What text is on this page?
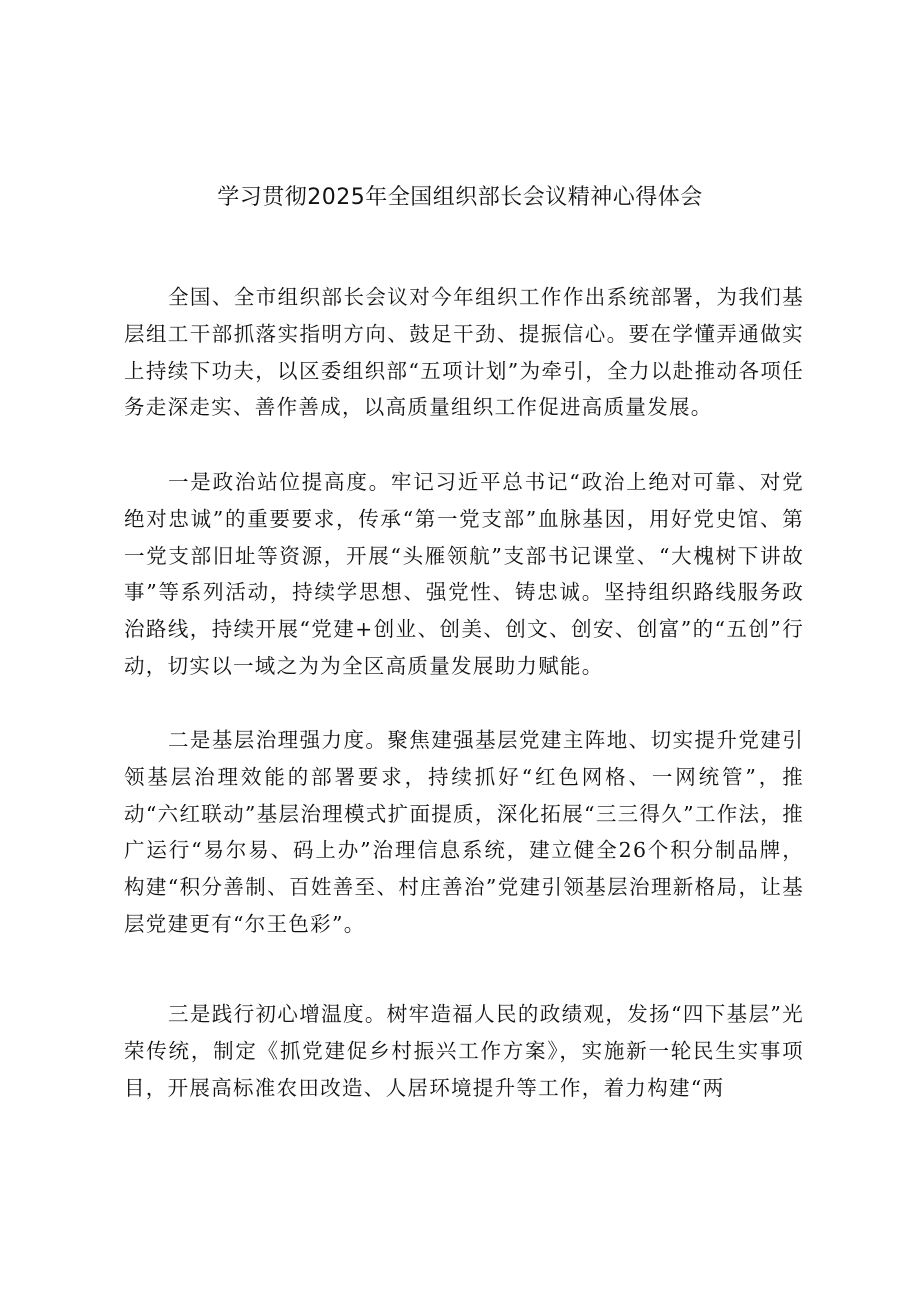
学习贯彻2025年全国组织部长会议精神心得体会

全国、全市组织部长会议对今年组织工作作出系统部署，为我们基层组工干部抓落实指明方向、鼓足干劲、提振信心。要在学懂弄通做实上持续下功夫，以区委组织部“五项计划”为牵引，全力以赴推动各项任务走深走实、善作善成，以高质量组织工作促进高质量发展。

一是政治站位提高度。牢记习近平总书记“政治上绝对可靠、对党绝对忠诚”的重要要求，传承“第一党支部”血脉基因，用好党史馆、第一党支部旧址等资源，开展“头雁领航”支部书记课堂、“大槐树下讲故事”等系列活动，持续学思想、强党性、铸忠诚。坚持组织路线服务政治路线，持续开展“党建+创业、创美、创文、创安、创富”的“五创”行动，切实以一域之为为全区高质量发展助力赋能。

二是基层治理强力度。聚焦建强基层党建主阵地、切实提升党建引领基层治理效能的部署要求，持续抓好“红色网格、一网统管”，推动“六红联动”基层治理模式扩面提质，深化拓展“三三得久”工作法，推广运行“易尔易、码上办”治理信息系统，建立健全26个积分制品牌，构建“积分善制、百姓善至、村庄善治”党建引领基层治理新格局，让基层党建更有“尔王色彩”。

三是践行初心增温度。树牢造福人民的政绩观，发扬“四下基层”光荣传统，制定《抓党建促乡村振兴工作方案》，实施新一轮民生实事项目，开展高标准农田改造、人居环境提升等工作，着力构建“两
